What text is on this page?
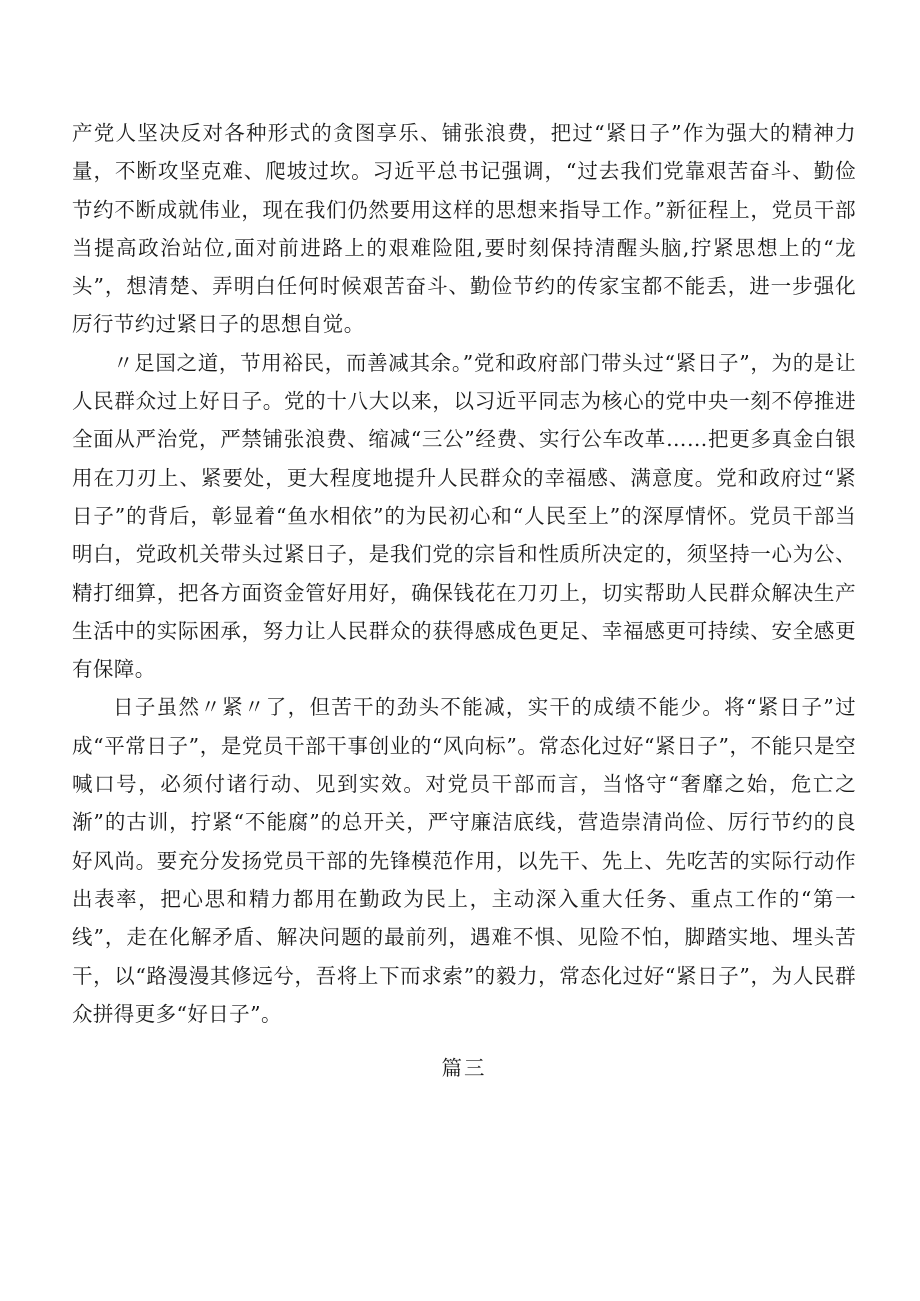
产党人坚决反对各种形式的贪图享乐、铺张浪费，把过“紧日子”作为强大的精神力量，不断攻坚克难、爬坡过坎。习近平总书记强调，“过去我们党靠艰苦奋斗、勤俭节约不断成就伟业，现在我们仍然要用这样的思想来指导工作。”新征程上，党员干部当提高政治站位,面对前进路上的艰难险阻,要时刻保持清醒头脑,拧紧思想上的“龙头”，想清楚、弄明白任何时候艰苦奋斗、勤俭节约的传家宝都不能丢，进一步强化厉行节约过紧日子的思想自觉。

〃足国之道，节用裕民，而善减其余。”党和政府部门带头过“紧日子”，为的是让人民群众过上好日子。党的十八大以来，以习近平同志为核心的党中央一刻不停推进全面从严治党，严禁铺张浪费、缩减“三公”经费、实行公车改革……把更多真金白银用在刀刃上、紧要处，更大程度地提升人民群众的幸福感、满意度。党和政府过“紧日子”的背后，彰显着“鱼水相依”的为民初心和“人民至上”的深厚情怀。党员干部当明白，党政机关带头过紧日子，是我们党的宗旨和性质所决定的，须坚持一心为公、精打细算，把各方面资金管好用好，确保钱花在刀刃上，切实帮助人民群众解决生产生活中的实际困承，努力让人民群众的获得感成色更足、幸福感更可持续、安全感更有保障。

日子虽然〃紧〃了，但苦干的劲头不能减，实干的成绩不能少。将“紧日子”过成“平常日子”，是党员干部干事创业的“风向标”。常态化过好“紧日子”，不能只是空喊口号，必须付诸行动、见到实效。对党员干部而言，当恪守“奢靡之始，危亡之渐”的古训，拧紧“不能腐”的总开关，严守廉洁底线，营造崇清尚俭、厉行节约的良好风尚。要充分发扬党员干部的先锋模范作用，以先干、先上、先吃苦的实际行动作出表率，把心思和精力都用在勤政为民上，主动深入重大任务、重点工作的“第一线”，走在化解矛盾、解决问题的最前列，遇难不惧、见险不怕，脚踏实地、埋头苦干，以“路漫漫其修远兮，吾将上下而求索”的毅力，常态化过好“紧日子”，为人民群众拼得更多“好日子”。

篇三
